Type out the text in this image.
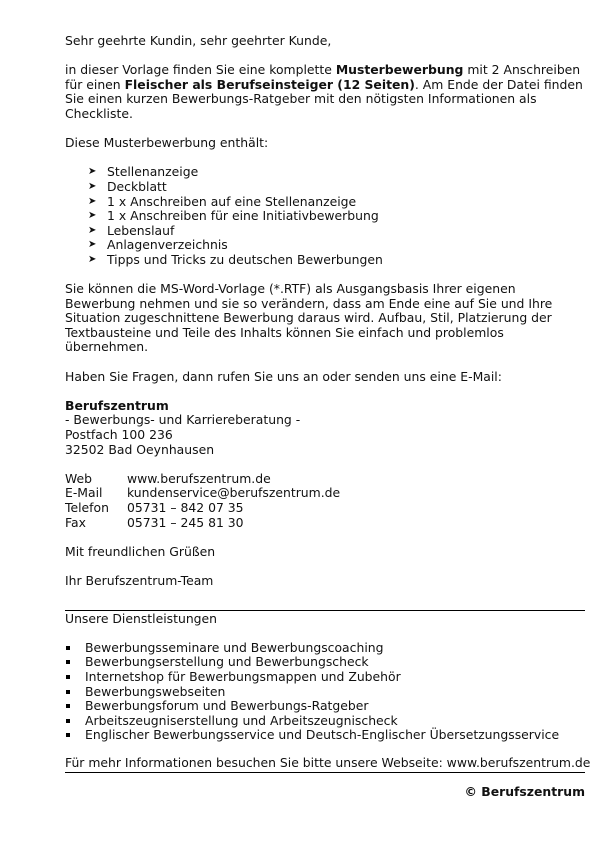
Sehr geehrte Kundin, sehr geehrter Kunde,

in dieser Vorlage finden Sie eine komplette Musterbewerbung mit 2 Anschreiben für einen Fleischer als Berufseinsteiger (12 Seiten). Am Ende der Datei finden Sie einen kurzen Bewerbungs-Ratgeber mit den nötigsten Informationen als Checkliste.

Diese Musterbewerbung enthält:

➤ Stellenanzeige
➤ Deckblatt
➤ 1 x Anschreiben auf eine Stellenanzeige
➤ 1 x Anschreiben für eine Initiativbewerbung
➤ Lebenslauf
➤ Anlagenverzeichnis
➤ Tipps und Tricks zu deutschen Bewerbungen

Sie können die MS-Word-Vorlage (*.RTF) als Ausgangsbasis Ihrer eigenen Bewerbung nehmen und sie so verändern, dass am Ende eine auf Sie und Ihre Situation zugeschnittene Bewerbung daraus wird. Aufbau, Stil, Platzierung der Textbausteine und Teile des Inhalts können Sie einfach und problemlos übernehmen.

Haben Sie Fragen, dann rufen Sie uns an oder senden uns eine E-Mail:

Berufszentrum

- Bewerbungs- und Karriereberatung -

Postfach 100 236

32502 Bad Oeynhausen

Web	www.berufszentrum.de
E-Mail	kundenservice@berufszentrum.de
Telefon	05731 – 842 07 35
Fax	05731 – 245 81 30

Mit freundlichen Grüßen

Ihr Berufszentrum-Team

Unsere Dienstleistungen

Bewerbungsseminare und Bewerbungscoaching
Bewerbungserstellung und Bewerbungscheck
Internetshop für Bewerbungsmappen und Zubehör
Bewerbungswebseiten
Bewerbungsforum und Bewerbungs-Ratgeber
Arbeitszeugniserstellung und Arbeitszeugnischeck
Englischer Bewerbungsservice und Deutsch-Englischer Übersetzungsservice

Für mehr Informationen besuchen Sie bitte unsere Webseite: www.berufszentrum.de

© Berufszentrum
